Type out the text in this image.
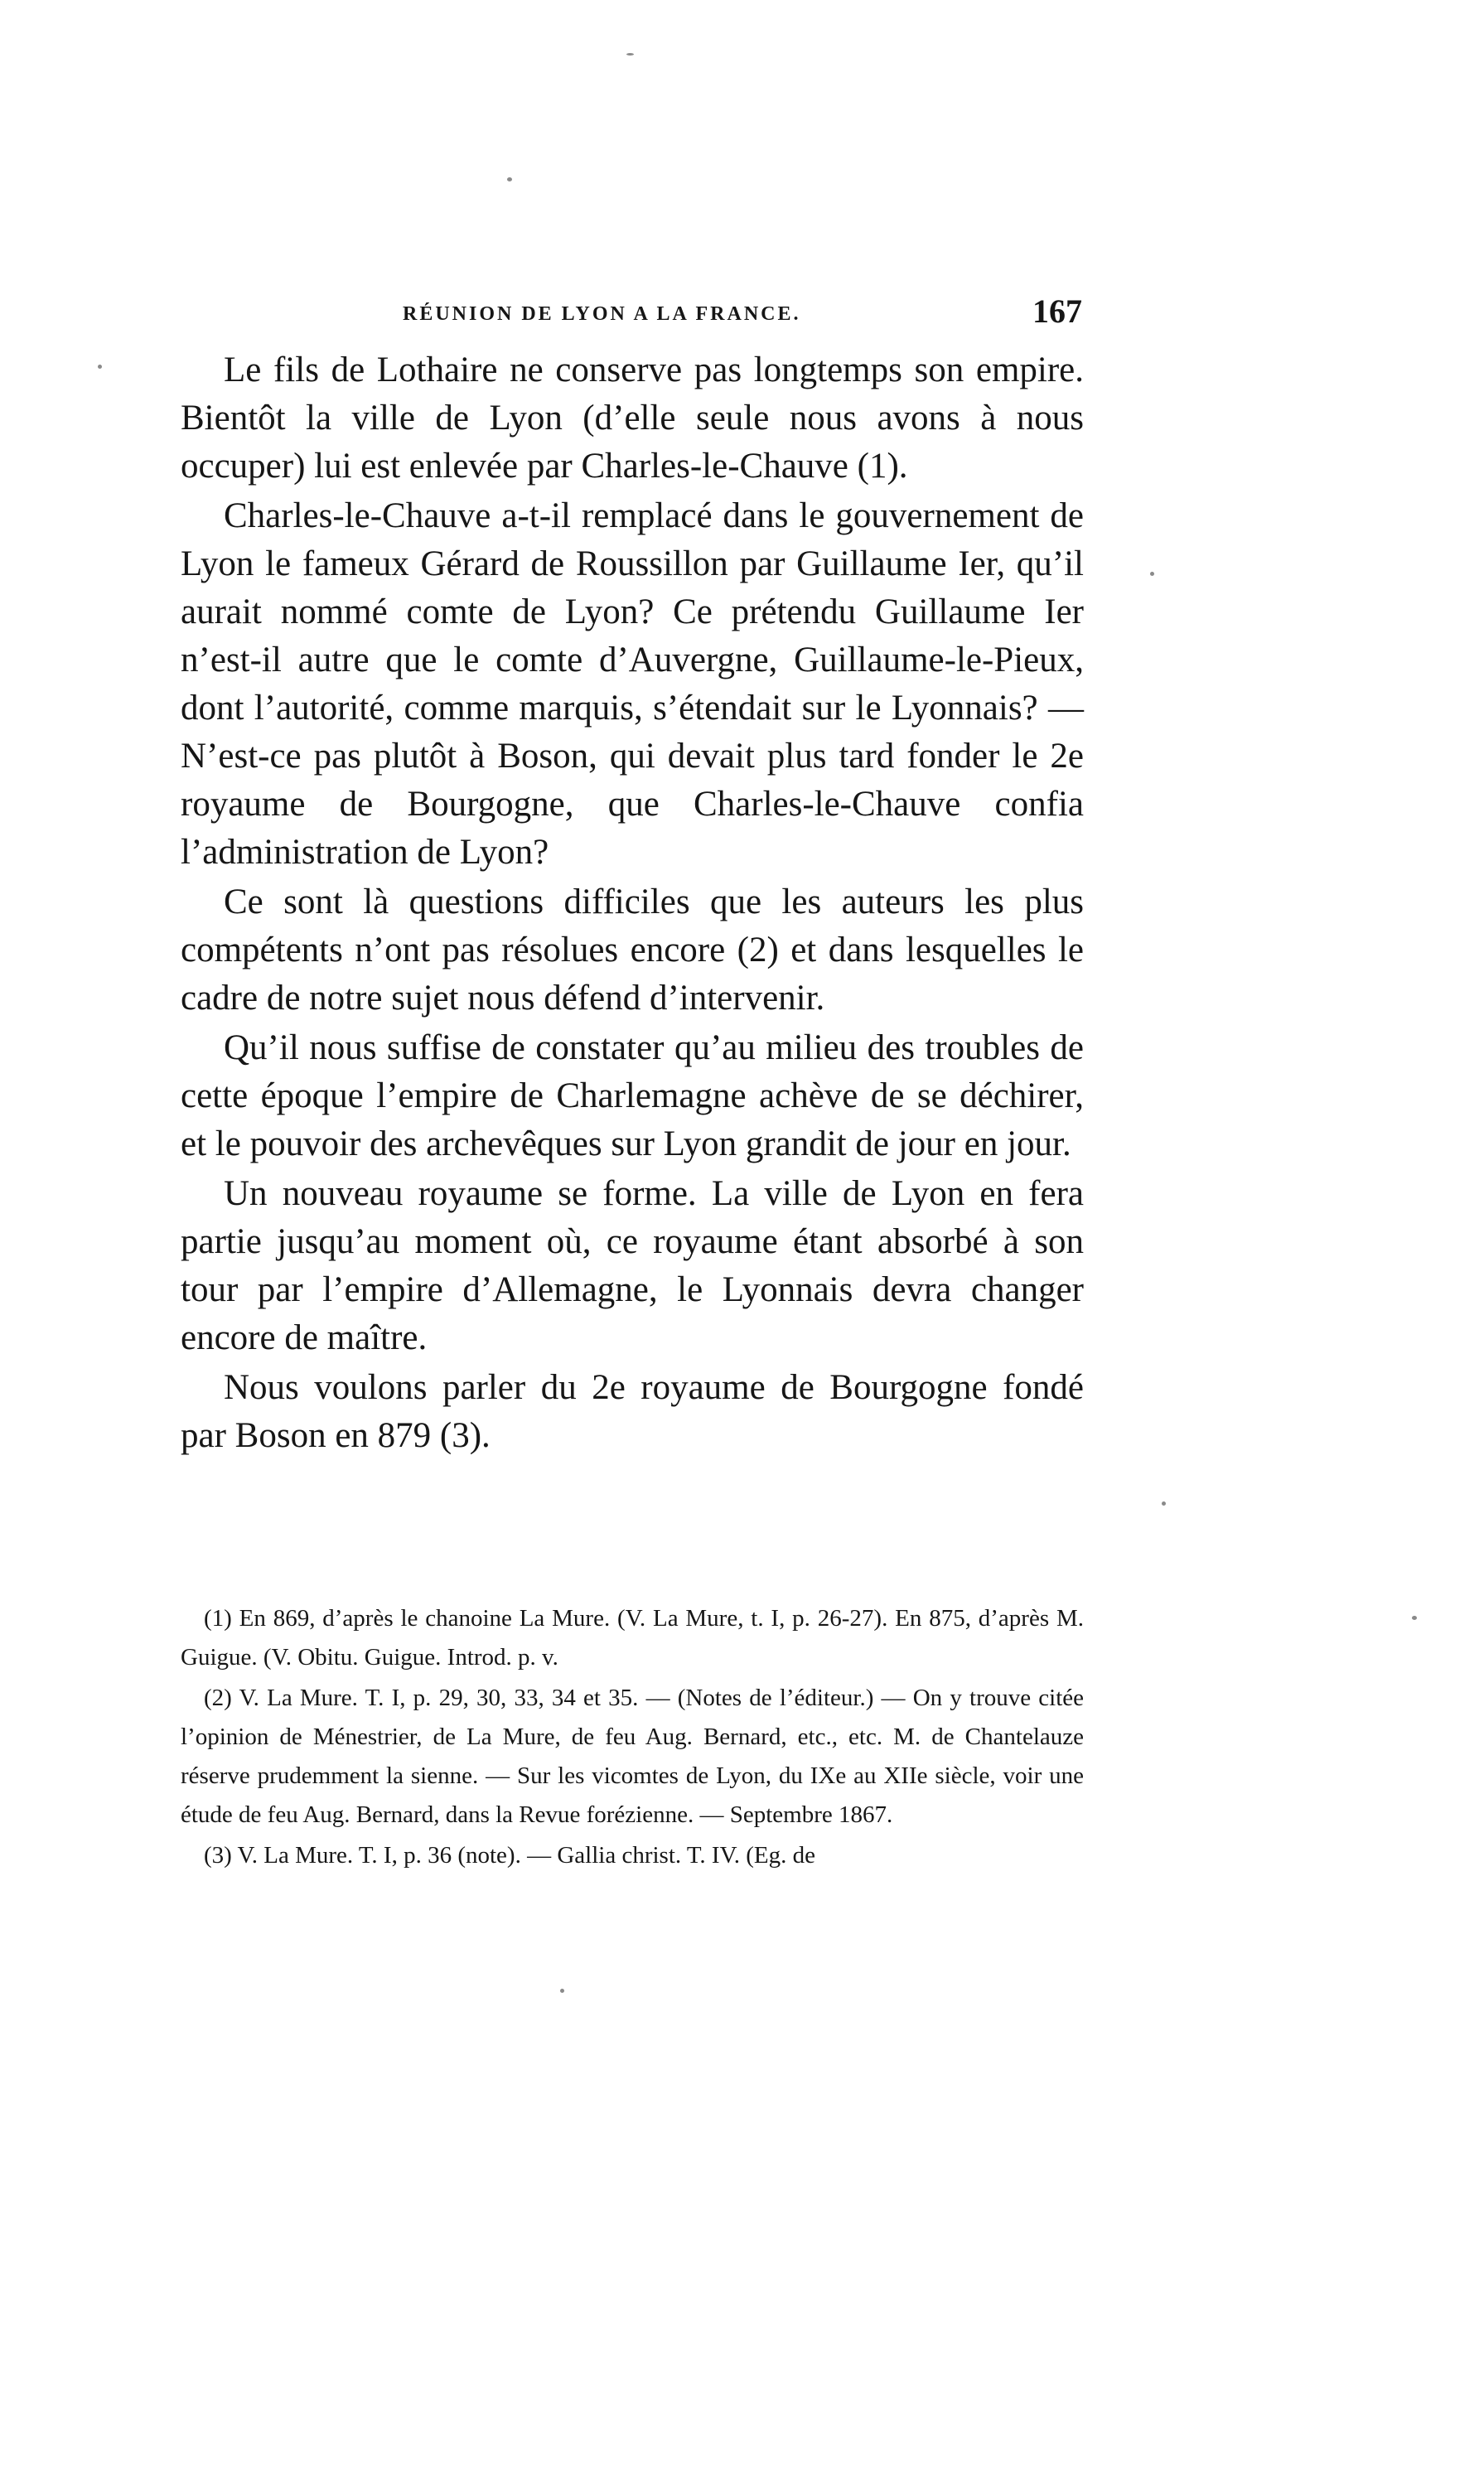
RÉUNION DE LYON A LA FRANCE.	167

Le fils de Lothaire ne conserve pas longtemps son empire. Bientôt la ville de Lyon (d’elle seule nous avons à nous occuper) lui est enlevée par Charles-le-Chauve (1).

Charles-le-Chauve a-t-il remplacé dans le gouvernement de Lyon le fameux Gérard de Roussillon par Guillaume Ier, qu’il aurait nommé comte de Lyon? Ce prétendu Guillaume Ier n’est-il autre que le comte d’Auvergne, Guillaume-le-Pieux, dont l’autorité, comme marquis, s’étendait sur le Lyonnais? — N’est-ce pas plutôt à Boson, qui devait plus tard fonder le 2e royaume de Bourgogne, que Charles-le-Chauve confia l’administration de Lyon?

Ce sont là questions difficiles que les auteurs les plus compétents n’ont pas résolues encore (2) et dans lesquelles le cadre de notre sujet nous défend d’intervenir.

Qu’il nous suffise de constater qu’au milieu des troubles de cette époque l’empire de Charlemagne achève de se déchirer, et le pouvoir des archevêques sur Lyon grandit de jour en jour.

Un nouveau royaume se forme. La ville de Lyon en fera partie jusqu’au moment où, ce royaume étant absorbé à son tour par l’empire d’Allemagne, le Lyonnais devra changer encore de maître.

Nous voulons parler du 2e royaume de Bourgogne fondé par Boson en 879 (3).

(1) En 869, d’après le chanoine La Mure. (V. La Mure, t. I, p. 26-27). En 875, d’après M. Guigue. (V. Obitu. Guigue. Introd. p. v.

(2) V. La Mure. T. I, p. 29, 30, 33, 34 et 35. — (Notes de l’éditeur.) — On y trouve citée l’opinion de Ménestrier, de La Mure, de feu Aug. Bernard, etc., etc. M. de Chantelauze réserve prudemment la sienne. — Sur les vicomtes de Lyon, du IXe au XIIe siècle, voir une étude de feu Aug. Bernard, dans la Revue forézienne. — Septembre 1867.

(3) V. La Mure. T. I, p. 36 (note). — Gallia christ. T. IV. (Eg. de
